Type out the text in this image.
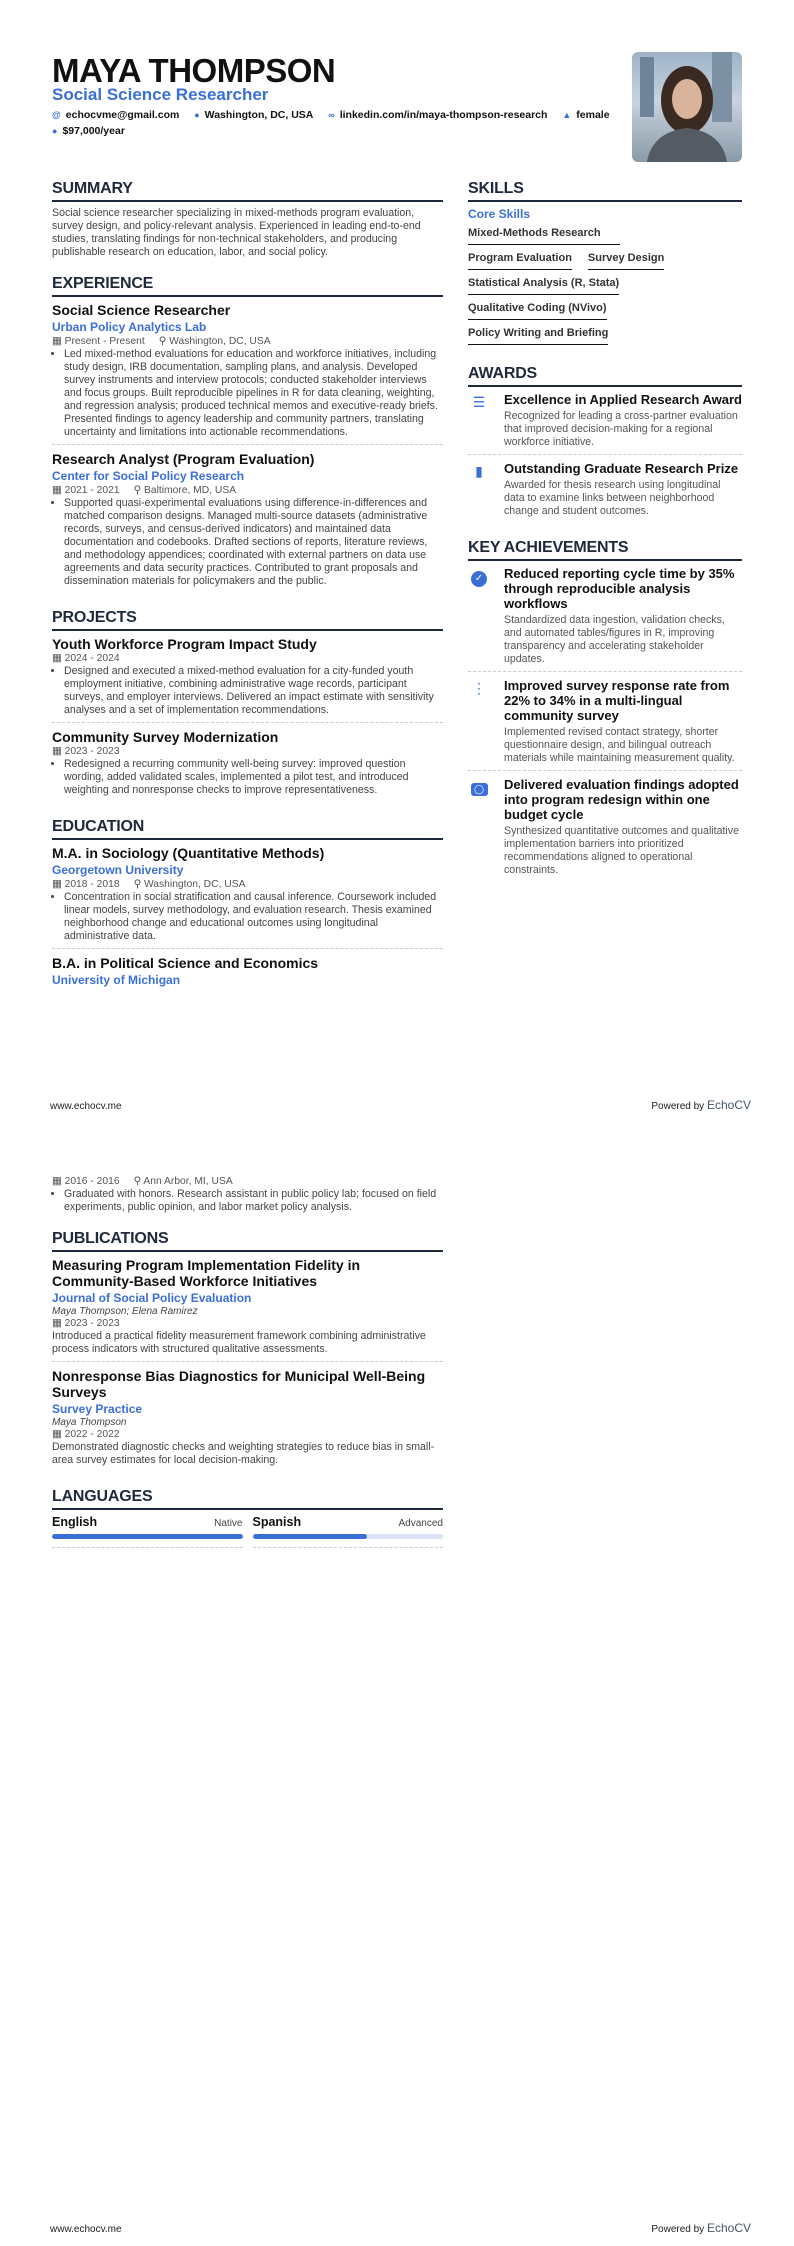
MAYA THOMPSON
Social Science Researcher
@ echocvme@gmail.com ● Washington, DC, USA ∞ linkedin.com/in/maya-thompson-research ▲ female
● $97,000/year
SUMMARY

Social science researcher specializing in mixed-methods program evaluation, survey design, and policy-relevant analysis. Experienced in leading end-to-end studies, translating findings for non-technical stakeholders, and producing publishable research on education, labor, and social policy.

EXPERIENCE
Social Science Researcher
Urban Policy Analytics Lab
▦ Present - Present ⚲ Washington, DC, USA
• Led mixed-method evaluations for education and workforce initiatives, including study design, IRB documentation, sampling plans, and analysis. Developed survey instruments and interview protocols; conducted stakeholder interviews and focus groups. Built reproducible pipelines in R for data cleaning, weighting, and regression analysis; produced technical memos and executive-ready briefs. Presented findings to agency leadership and community partners, translating uncertainty and limitations into actionable recommendations.
Research Analyst (Program Evaluation)
Center for Social Policy Research
▦ 2021 - 2021 ⚲ Baltimore, MD, USA
• Supported quasi-experimental evaluations using difference-in-differences and matched comparison designs. Managed multi-source datasets (administrative records, surveys, and census-derived indicators) and maintained data documentation and codebooks. Drafted sections of reports, literature reviews, and methodology appendices; coordinated with external partners on data use agreements and data security practices. Contributed to grant proposals and dissemination materials for policymakers and the public.
PROJECTS
Youth Workforce Program Impact Study
▦ 2024 - 2024
• Designed and executed a mixed-method evaluation for a city-funded youth employment initiative, combining administrative wage records, participant surveys, and employer interviews. Delivered an impact estimate with sensitivity analyses and a set of implementation recommendations.
Community Survey Modernization
▦ 2023 - 2023
• Redesigned a recurring community well-being survey: improved question wording, added validated scales, implemented a pilot test, and introduced weighting and nonresponse checks to improve representativeness.
EDUCATION
M.A. in Sociology (Quantitative Methods)
Georgetown University
▦ 2018 - 2018 ⚲ Washington, DC, USA
• Concentration in social stratification and causal inference. Coursework included linear models, survey methodology, and evaluation research. Thesis examined neighborhood change and educational outcomes using longitudinal administrative data.
B.A. in Political Science and Economics
University of Michigan
SKILLS
Core Skills
Mixed-Methods Research
Program Evaluation Survey Design
Statistical Analysis (R, Stata)
Qualitative Coding (NVivo)
Policy Writing and Briefing
AWARDS
☰	Excellence in Applied Research Award

Recognized for leading a cross-partner evaluation that improved decision-making for a regional workforce initiative.

▮	Outstanding Graduate Research Prize

Awarded for thesis research using longitudinal data to examine links between neighborhood change and student outcomes.

KEY ACHIEVEMENTS
✓	Reduced reporting cycle time by 35% through reproducible analysis workflows

Standardized data ingestion, validation checks, and automated tables/figures in R, improving transparency and accelerating stakeholder updates.

⋮	Improved survey response rate from 22% to 34% in a multi-lingual community survey

Implemented revised contact strategy, shorter questionnaire design, and bilingual outreach materials while maintaining measurement quality.

◯	Delivered evaluation findings adopted into program redesign within one budget cycle

Synthesized quantitative outcomes and qualitative implementation barriers into prioritized recommendations aligned to operational constraints.

www.echocv.me	Powered by EchoCV
▦ 2016 - 2016 ⚲ Ann Arbor, MI, USA
• Graduated with honors. Research assistant in public policy lab; focused on field experiments, public opinion, and labor market policy analysis.
PUBLICATIONS
Measuring Program Implementation Fidelity in Community-Based Workforce Initiatives
Journal of Social Policy Evaluation
Maya Thompson; Elena Ramirez
▦ 2023 - 2023

Introduced a practical fidelity measurement framework combining administrative process indicators with structured qualitative assessments.

Nonresponse Bias Diagnostics for Municipal Well-Being Surveys
Survey Practice
Maya Thompson
▦ 2022 - 2022

Demonstrated diagnostic checks and weighting strategies to reduce bias in small-area survey estimates for local decision-making.

LANGUAGES
English	Native Spanish	Advanced
www.echocv.me	Powered by EchoCV
